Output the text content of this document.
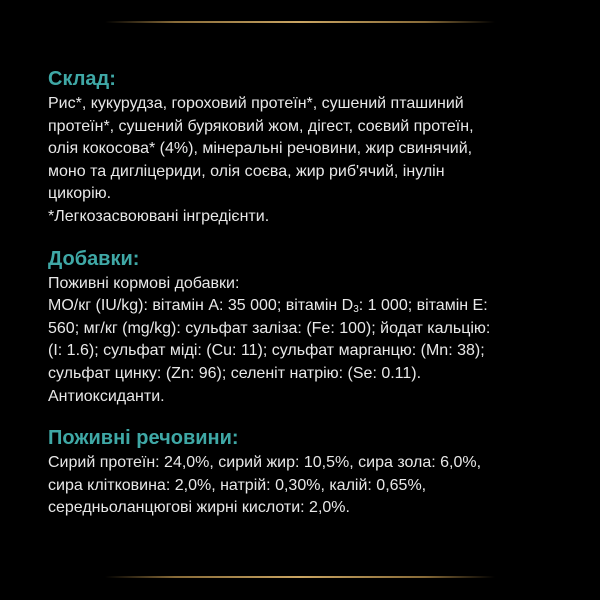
Склад:
Рис*, кукурудза, гороховий протеїн*, сушений пташиний
протеїн*, сушений буряковий жом, дігест, соєвий протеїн,
олія кокосова* (4%), мінеральні речовини, жир свинячий,
моно та дигліцериди, олія соєва, жир риб'ячий, інулін
цикорію.
*Легкозасвоювані інгредієнти.
Добавки:
Поживні кормові добавки:
МО/кг (IU/kg): вітамін А: 35 000; вітамін $D_3$: 1 000; вітамін Е:
560; мг/кг (mg/kg): сульфат заліза: (Fe: 100); йодат кальцію:
(I: 1.6); сульфат міді: (Cu: 11); сульфат марганцю: (Mn: 38);
сульфат цинку: (Zn: 96); селеніт натрію: (Se: 0.11).
Антиоксиданти.
Поживні речовини:
Сирий протеїн: 24,0%, сирий жир: 10,5%, сира зола: 6,0%,
сира клітковина: 2,0%, натрій: 0,30%, калій: 0,65%,
середньоланцюгові жирні кислоти: 2,0%.
